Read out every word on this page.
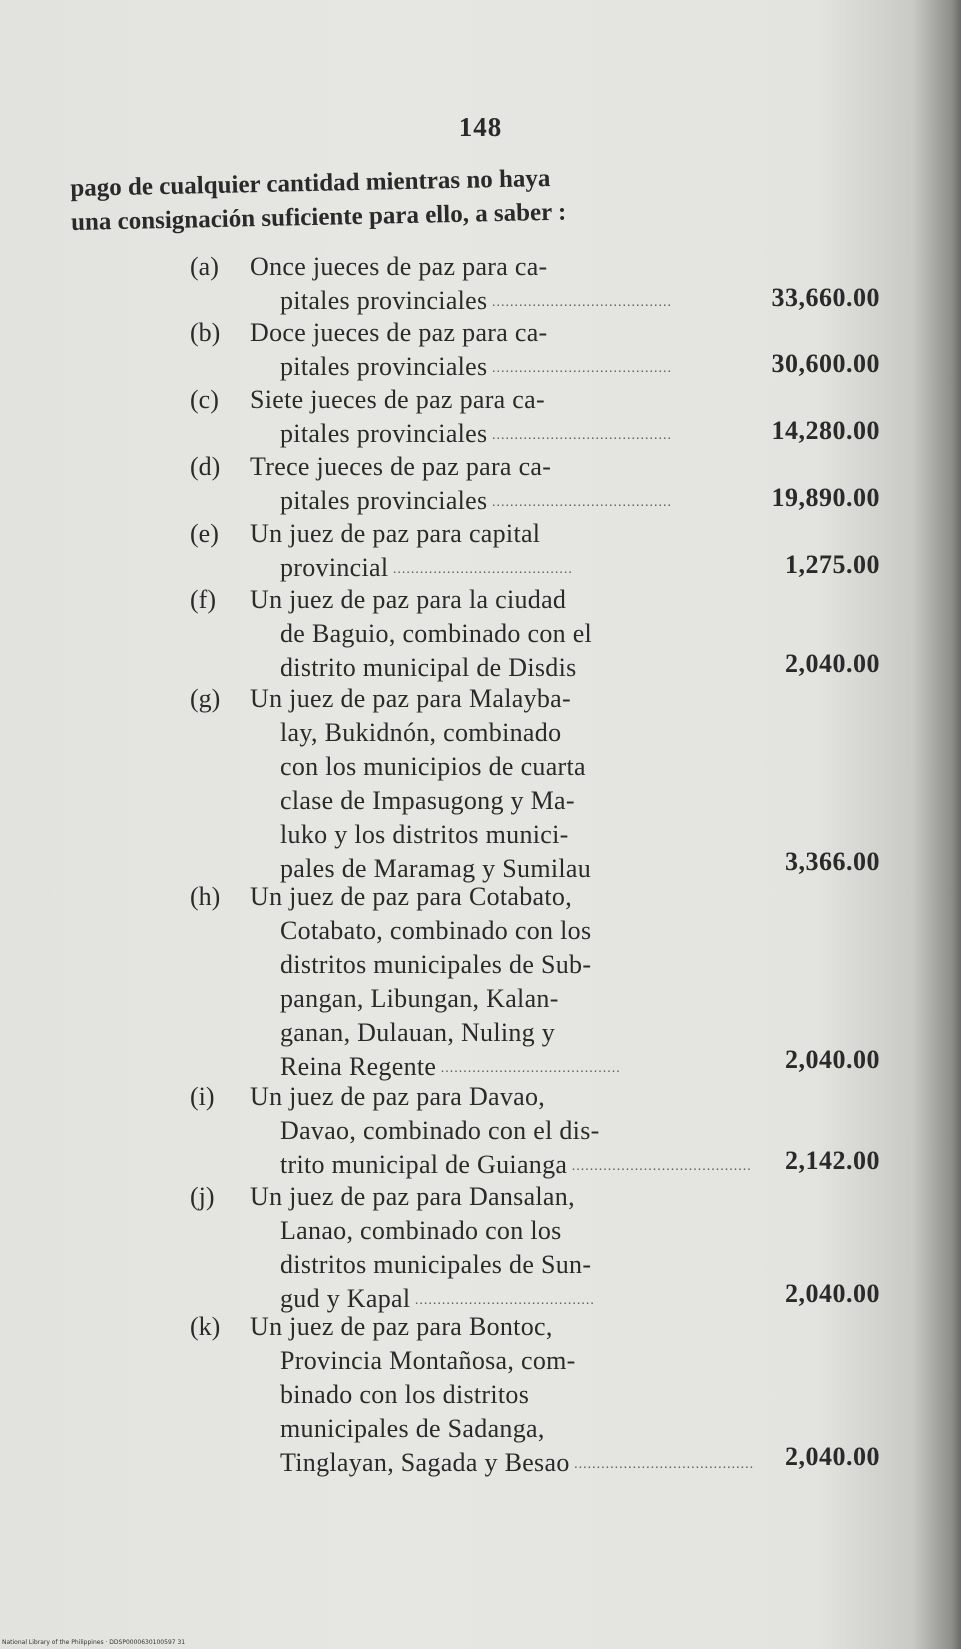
148
pago de cualquier cantidad mientras no haya
una consignación suficiente para ello, a saber :
(a) Once jueces de paz para ca-
pitales provinciales ........................................	33,660.00
(b) Doce jueces de paz para ca-
pitales provinciales ........................................	30,600.00
(c) Siete jueces de paz para ca-
pitales provinciales ........................................	14,280.00
(d) Trece jueces de paz para ca-
pitales provinciales ........................................	19,890.00
(e) Un juez de paz para capital
provincial ........................................	1,275.00
(f) Un juez de paz para la ciudad
de Baguio, combinado con el
distrito municipal de Disdis	2,040.00
(g) Un juez de paz para Malayba-
lay, Bukidnón, combinado
con los municipios de cuarta
clase de Impasugong y Ma-
luko y los distritos munici-
pales de Maramag y Sumilau	3,366.00
(h) Un juez de paz para Cotabato,
Cotabato, combinado con los
distritos municipales de Sub-
pangan, Libungan, Kalan-
ganan, Dulauan, Nuling y
Reina Regente ........................................	2,040.00
(i) Un juez de paz para Davao,
Davao, combinado con el dis-
trito municipal de Guianga ........................................	2,142.00
(j) Un juez de paz para Dansalan,
Lanao, combinado con los
distritos municipales de Sun-
gud y Kapal ........................................	2,040.00
(k) Un juez de paz para Bontoc,
Provincia Montañosa, com-
binado con los distritos
municipales de Sadanga,
Tinglayan, Sagada y Besao ........................................	2,040.00
National Library of the Philippines · DDSP0000630100597 31
